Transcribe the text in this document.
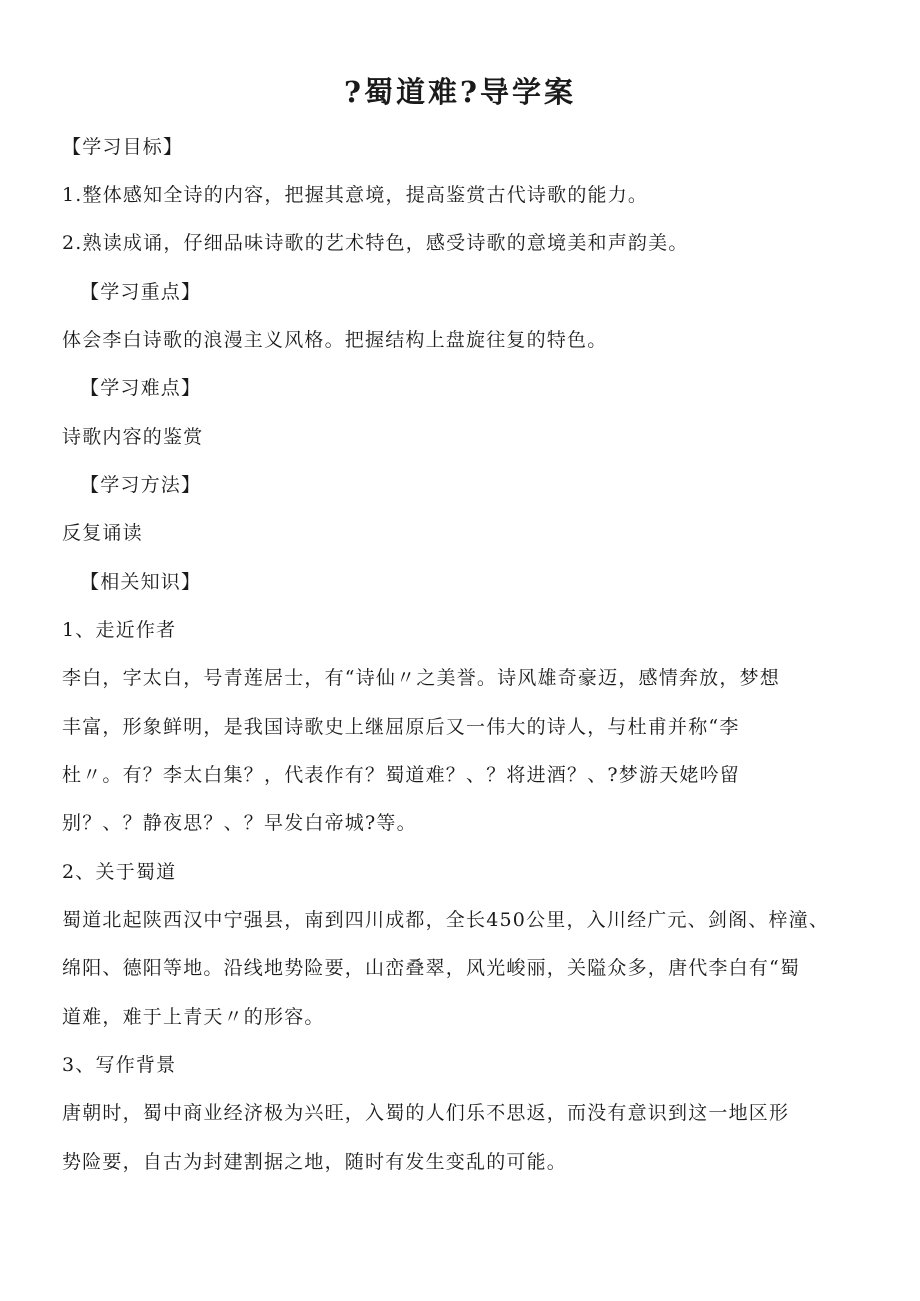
?蜀道难?导学案
【学习目标】
1.整体感知全诗的内容，把握其意境，提高鉴赏古代诗歌的能力。
2.熟读成诵，仔细品味诗歌的艺术特色，感受诗歌的意境美和声韵美。
【学习重点】
体会李白诗歌的浪漫主义风格。把握结构上盘旋往复的特色。
【学习难点】
诗歌内容的鉴赏
【学习方法】
反复诵读
【相关知识】
1、走近作者
李白，字太白，号青莲居士，有“诗仙〃之美誉。诗风雄奇豪迈，感情奔放，梦想
丰富，形象鲜明，是我国诗歌史上继屈原后又一伟大的诗人，与杜甫并称“李
杜〃。有？李太白集？，代表作有？蜀道难？、？将进酒？、?梦游天姥吟留
别？、？静夜思？、？早发白帝城?等。
2、关于蜀道
蜀道北起陕西汉中宁强县，南到四川成都，全长450公里，入川经广元、剑阁、梓潼、
绵阳、德阳等地。沿线地势险要，山峦叠翠，风光峻丽，关隘众多，唐代李白有“蜀
道难，难于上青天〃的形容。
3、写作背景
唐朝时，蜀中商业经济极为兴旺，入蜀的人们乐不思返，而没有意识到这一地区形
势险要，自古为封建割据之地，随时有发生变乱的可能。
